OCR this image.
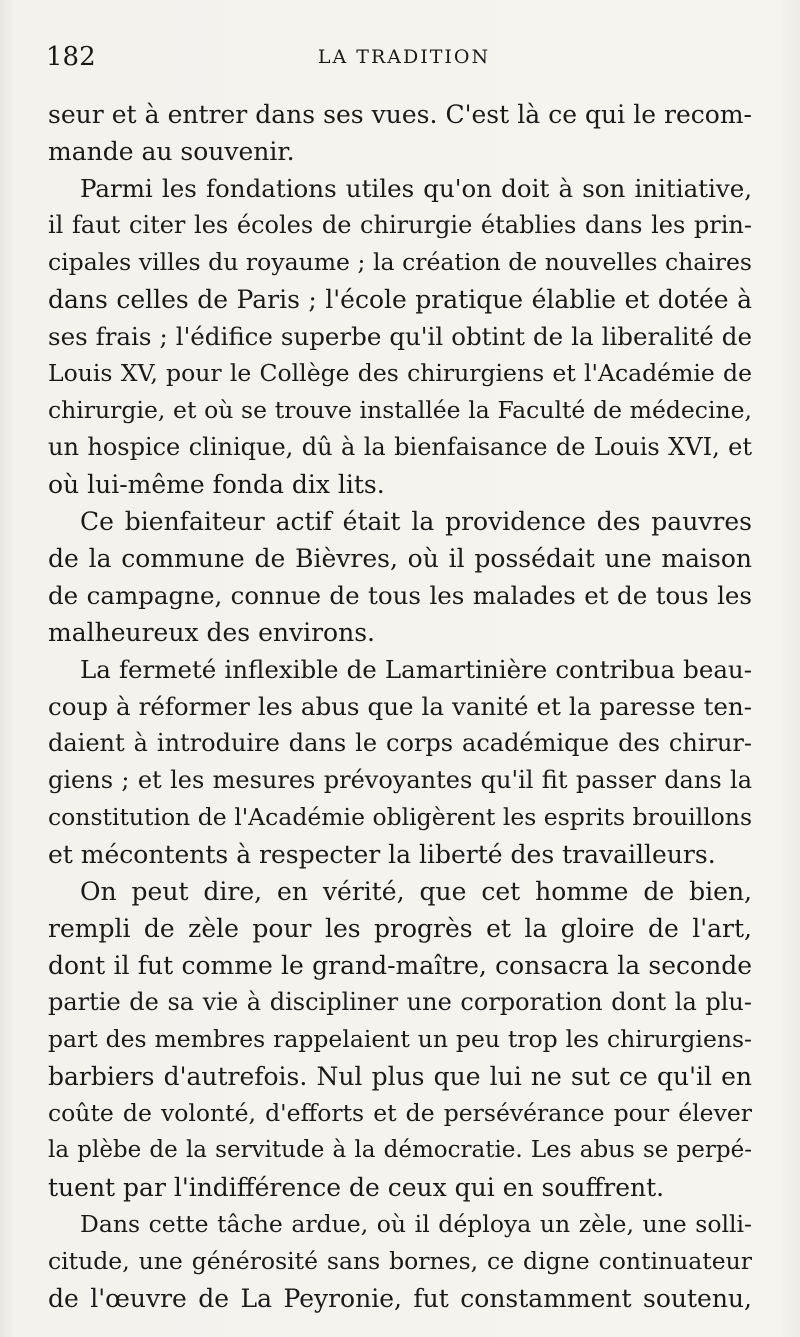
182	LA TRADITION
seur et à entrer dans ses vues. C'est là ce qui le recom-
mande au souvenir.
Parmi les fondations utiles qu'on doit à son initiative,
il faut citer les écoles de chirurgie établies dans les prin-
cipales villes du royaume ; la création de nouvelles chaires
dans celles de Paris ; l'école pratique élablie et dotée à
ses frais ; l'édifice superbe qu'il obtint de la liberalité de
Louis XV, pour le Collège des chirurgiens et l'Académie de
chirurgie, et où se trouve installée la Faculté de médecine,
un hospice clinique, dû à la bienfaisance de Louis XVI, et
où lui-même fonda dix lits.
Ce bienfaiteur actif était la providence des pauvres
de la commune de Bièvres, où il possédait une maison
de campagne, connue de tous les malades et de tous les
malheureux des environs.
La fermeté inflexible de Lamartinière contribua beau-
coup à réformer les abus que la vanité et la paresse ten-
daient à introduire dans le corps académique des chirur-
giens ; et les mesures prévoyantes qu'il fit passer dans la
constitution de l'Académie obligèrent les esprits brouillons
et mécontents à respecter la liberté des travailleurs.
On peut dire, en vérité, que cet homme de bien,
rempli de zèle pour les progrès et la gloire de l'art,
dont il fut comme le grand-maître, consacra la seconde
partie de sa vie à discipliner une corporation dont la plu-
part des membres rappelaient un peu trop les chirurgiens-
barbiers d'autrefois. Nul plus que lui ne sut ce qu'il en
coûte de volonté, d'efforts et de persévérance pour élever
la plèbe de la servitude à la démocratie. Les abus se perpé-
tuent par l'indifférence de ceux qui en souffrent.
Dans cette tâche ardue, où il déploya un zèle, une solli-
citude, une générosité sans bornes, ce digne continuateur
de l'œuvre de La Peyronie, fut constamment soutenu,
